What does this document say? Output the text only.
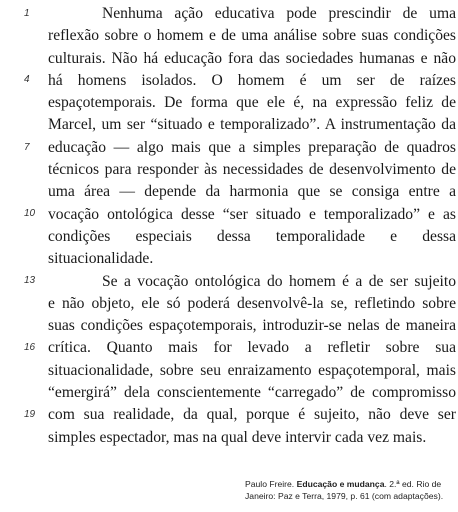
Nenhuma ação educativa pode prescindir de uma
reflexão sobre o homem e de uma análise sobre suas condições
culturais. Não há educação fora das sociedades humanas e não
há homens isolados. O homem é um ser de raízes
espaçotemporais. De forma que ele é, na expressão feliz de
Marcel, um ser “situado e temporalizado”. A instrumentação da
educação — algo mais que a simples preparação de quadros
técnicos para responder às necessidades de desenvolvimento de
uma área — depende da harmonia que se consiga entre a
vocação ontológica desse “ser situado e temporalizado” e as
condições especiais dessa temporalidade e dessa
situacionalidade.
Se a vocação ontológica do homem é a de ser sujeito
e não objeto, ele só poderá desenvolvê-la se, refletindo sobre
suas condições espaçotemporais, introduzir-se nelas de maneira
crítica. Quanto mais for levado a refletir sobre sua
situacionalidade, sobre seu enraizamento espaçotemporal, mais
“emergirá” dela conscientemente “carregado” de compromisso
com sua realidade, da qual, porque é sujeito, não deve ser
simples espectador, mas na qual deve intervir cada vez mais.
1
4
7
10
13
16
19
Paulo Freire. Educação e mudança. 2.ª ed. Rio de
Janeiro: Paz e Terra, 1979, p. 61 (com adaptações).
